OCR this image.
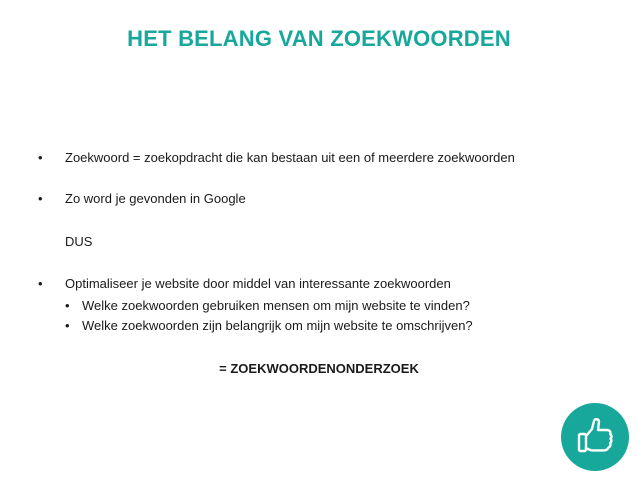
HET BELANG VAN ZOEKWOORDEN
• Zoekwoord = zoekopdracht die kan bestaan uit een of meerdere zoekwoorden
• Zo word je gevonden in Google
DUS
• Optimaliseer je website door middel van interessante zoekwoorden
• Welke zoekwoorden gebruiken mensen om mijn website te vinden?
• Welke zoekwoorden zijn belangrijk om mijn website te omschrijven?
= ZOEKWOORDENONDERZOEK
